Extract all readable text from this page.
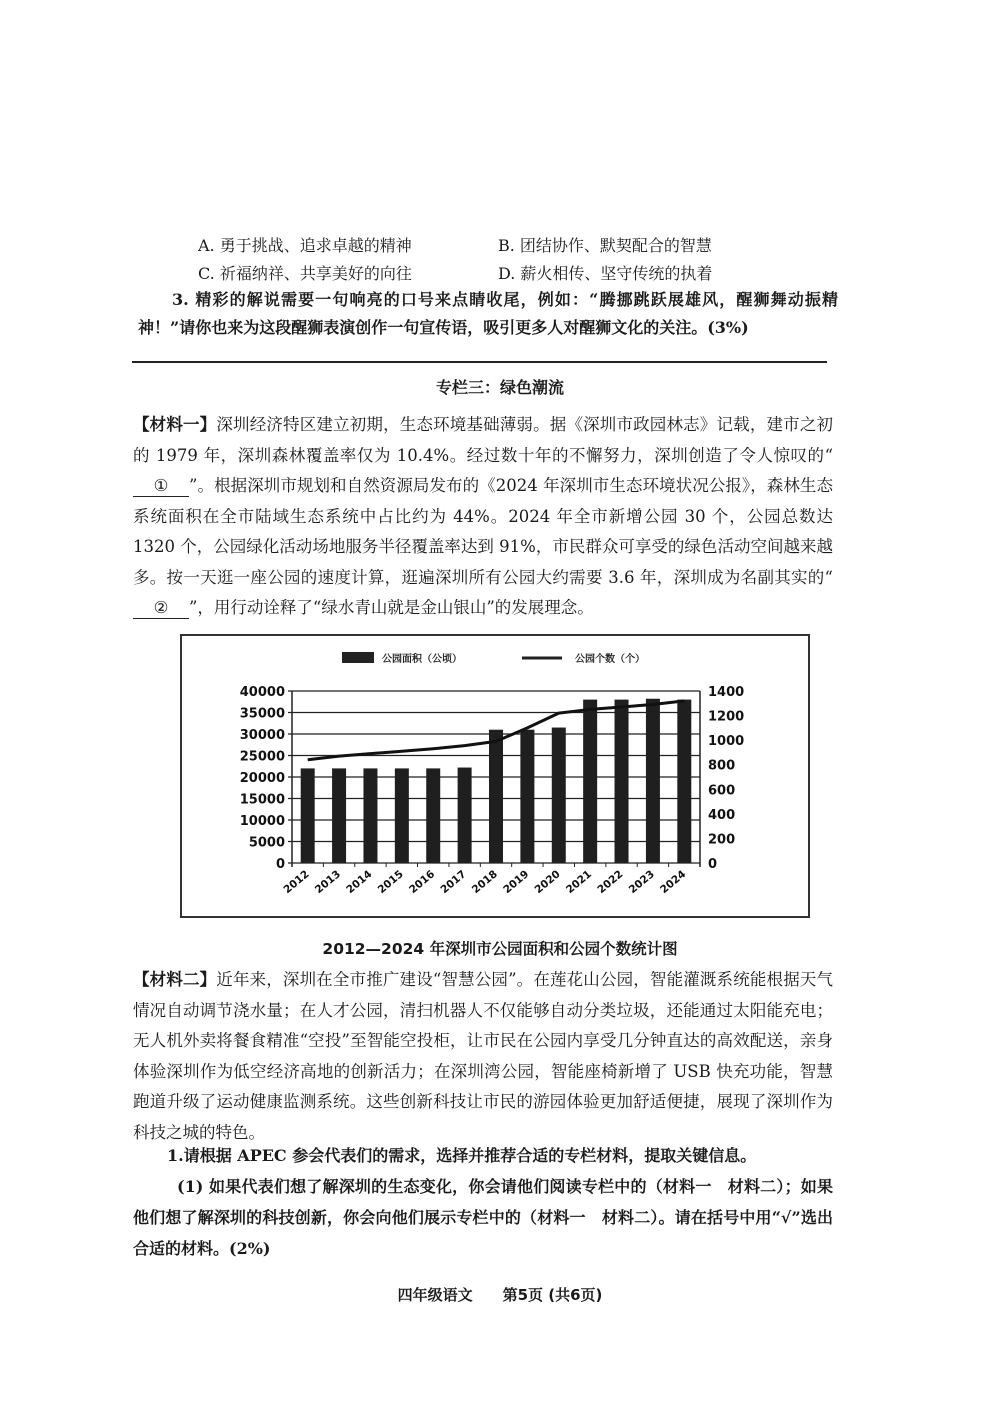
A. 勇于挑战、追求卓越的精神	B. 团结协作、默契配合的智慧
C. 祈福纳祥、共享美好的向往	D. 薪火相传、坚守传统的执着
3. 精彩的解说需要一句响亮的口号来点睛收尾，例如：“腾挪跳跃展雄风，醒狮舞动振精神！”请你也来为这段醒狮表演创作一句宣传语，吸引更多人对醒狮文化的关注。(3%)
专栏三：绿色潮流
【材料一】深圳经济特区建立初期，生态环境基础薄弱。据《深圳市政园林志》记载，建市之初的 1979 年，深圳森林覆盖率仅为 10.4%。经过数十年的不懈努力，深圳创造了令人惊叹的“① ”。根据深圳市规划和自然资源局发布的《2024 年深圳市生态环境状况公报》，森林生态系统面积在全市陆域生态系统中占比约为 44%。2024 年全市新增公园 30 个，公园总数达 1320 个，公园绿化活动场地服务半径覆盖率达到 91%，市民群众可享受的绿色活动空间越来越多。按一天逛一座公园的速度计算，逛遍深圳所有公园大约需要 3.6 年，深圳成为名副其实的“② ”，用行动诠释了“绿水青山就是金山银山”的发展理念。
公园面积（公顷）	公园个数（个）
0
5000
10000
15000
20000
25000
30000
35000
40000
0
200
400
600
800
1000
1200
1400
2012 2013 2014 2015 2016 2017 2018 2019 2020 2021 2022 2023 2024
2012—2024 年深圳市公园面积和公园个数统计图
【材料二】近年来，深圳在全市推广建设“智慧公园”。在莲花山公园，智能灌溉系统能根据天气情况自动调节浇水量；在人才公园，清扫机器人不仅能够自动分类垃圾，还能通过太阳能充电；无人机外卖将餐食精准“空投”至智能空投柜，让市民在公园内享受几分钟直达的高效配送，亲身体验深圳作为低空经济高地的创新活力；在深圳湾公园，智能座椅新增了 USB 快充功能，智慧跑道升级了运动健康监测系统。这些创新科技让市民的游园体验更加舒适便捷，展现了深圳作为科技之城的特色。
1.请根据 APEC 参会代表们的需求，选择并推荐合适的专栏材料，提取关键信息。
(1) 如果代表们想了解深圳的生态变化，你会请他们阅读专栏中的（材料一　材料二）；如果他们想了解深圳的科技创新，你会向他们展示专栏中的（材料一　材料二）。请在括号中用“√”选出合适的材料。(2%)
四年级语文　　第5页 (共6页)
